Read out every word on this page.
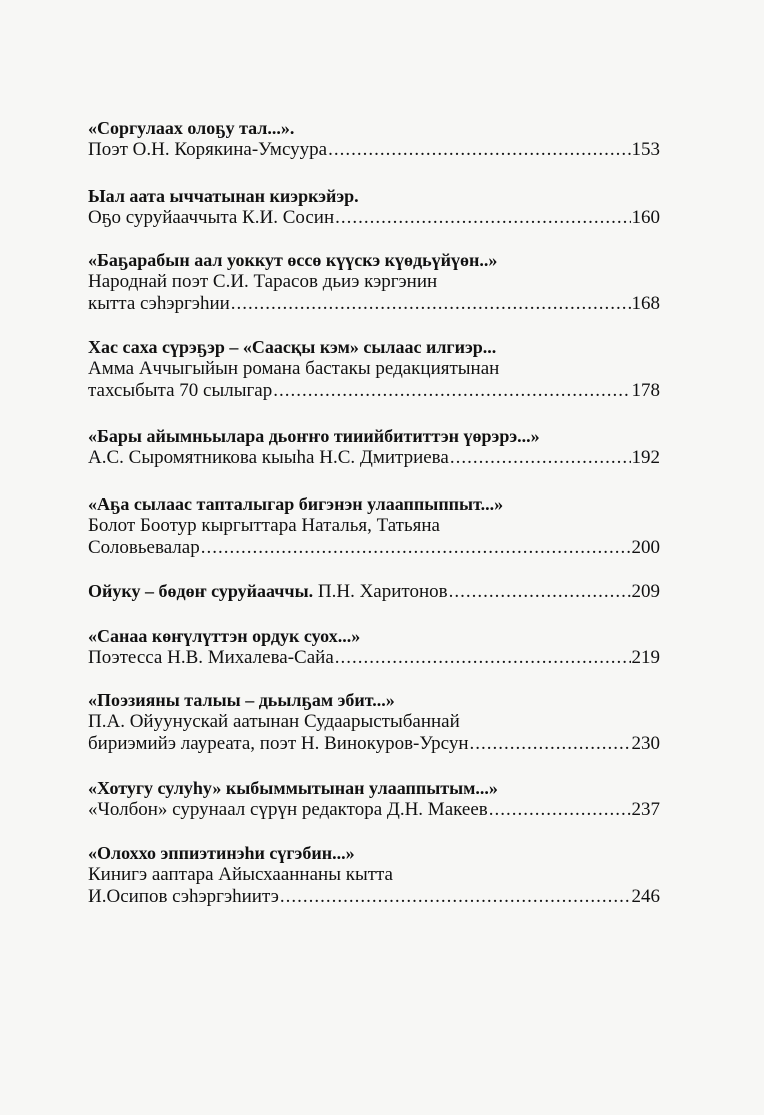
«Соргулаах олоҕу тал...».
Поэт О.Н. Корякина-Умсуура .....	153
Ыал аата ыччатынан киэркэйэр.
Оҕо суруйааччыта К.И. Сосин .....	160
«Баҕарабын аал уоккут өссө күүскэ күөдьүйүөн..»
Народнай поэт С.И. Тарасов дьиэ кэргэнин
кытта сэһэргэһии .....	168
Хас саха сүрэҕэр – «Саасқы кэм» сылаас илгиэр...
Амма Аччыгыйын романа бастакы редакциятынан
тахсыбыта 70 сылыгар .....	178
«Бары айымньылара дьоҥҥо тииийбититтэн үөрэрэ...»
А.С. Сыромятникова кыыһа Н.С. Дмитриева .....	192
«Аҕа сылаас тапталыгар бигэнэн улааппыппыт...»
Болот Боотур кыргыттара Наталья, Татьяна
Соловьевалар .....	200
Ойуку – бөдөҥ суруйааччы. П.Н. Харитонов .....	209
«Санаа көҥүлүттэн ордук суох...»
Поэтесса Н.В. Михалева-Сайа .....	219
«Поэзияны талыы – дьылҕам эбит...»
П.А. Ойуунускай аатынан Судаарыстыбаннай
бириэмийэ лауреата, поэт Н. Винокуров-Урсун .....	230
«Хотугу сулуһу» кыбыммытынан улааппытым...»
«Чолбон» сурунаал сүрүн редактора Д.Н. Макеев .....	237
«Олоххо эппиэтинэһи сүгэбин...»
Кинигэ ааптара Айысхааннаны кытта
И.Осипов сэһэргэһиитэ .....	246
